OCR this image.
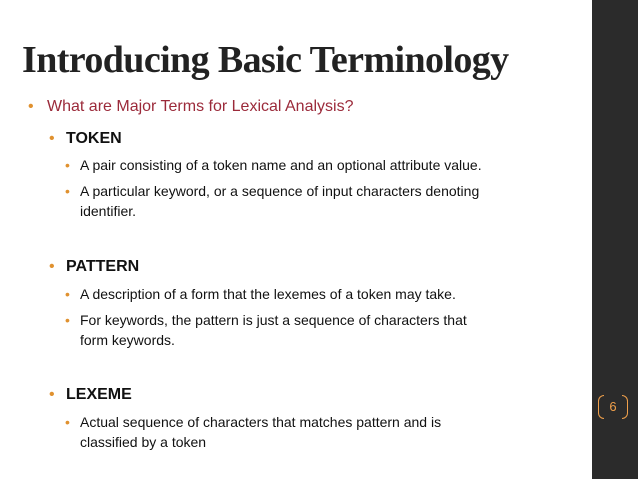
Introducing Basic Terminology
• What are Major Terms for Lexical Analysis?
• TOKEN
• A pair consisting of a token name and an optional attribute value.
• A particular keyword, or a sequence of input characters denoting
identifier.
• PATTERN
• A description of a form that the lexemes of a token may take.
• For keywords, the pattern is just a sequence of characters that
form keywords.
• LEXEME
• Actual sequence of characters that matches pattern and is
classified by a token
6
